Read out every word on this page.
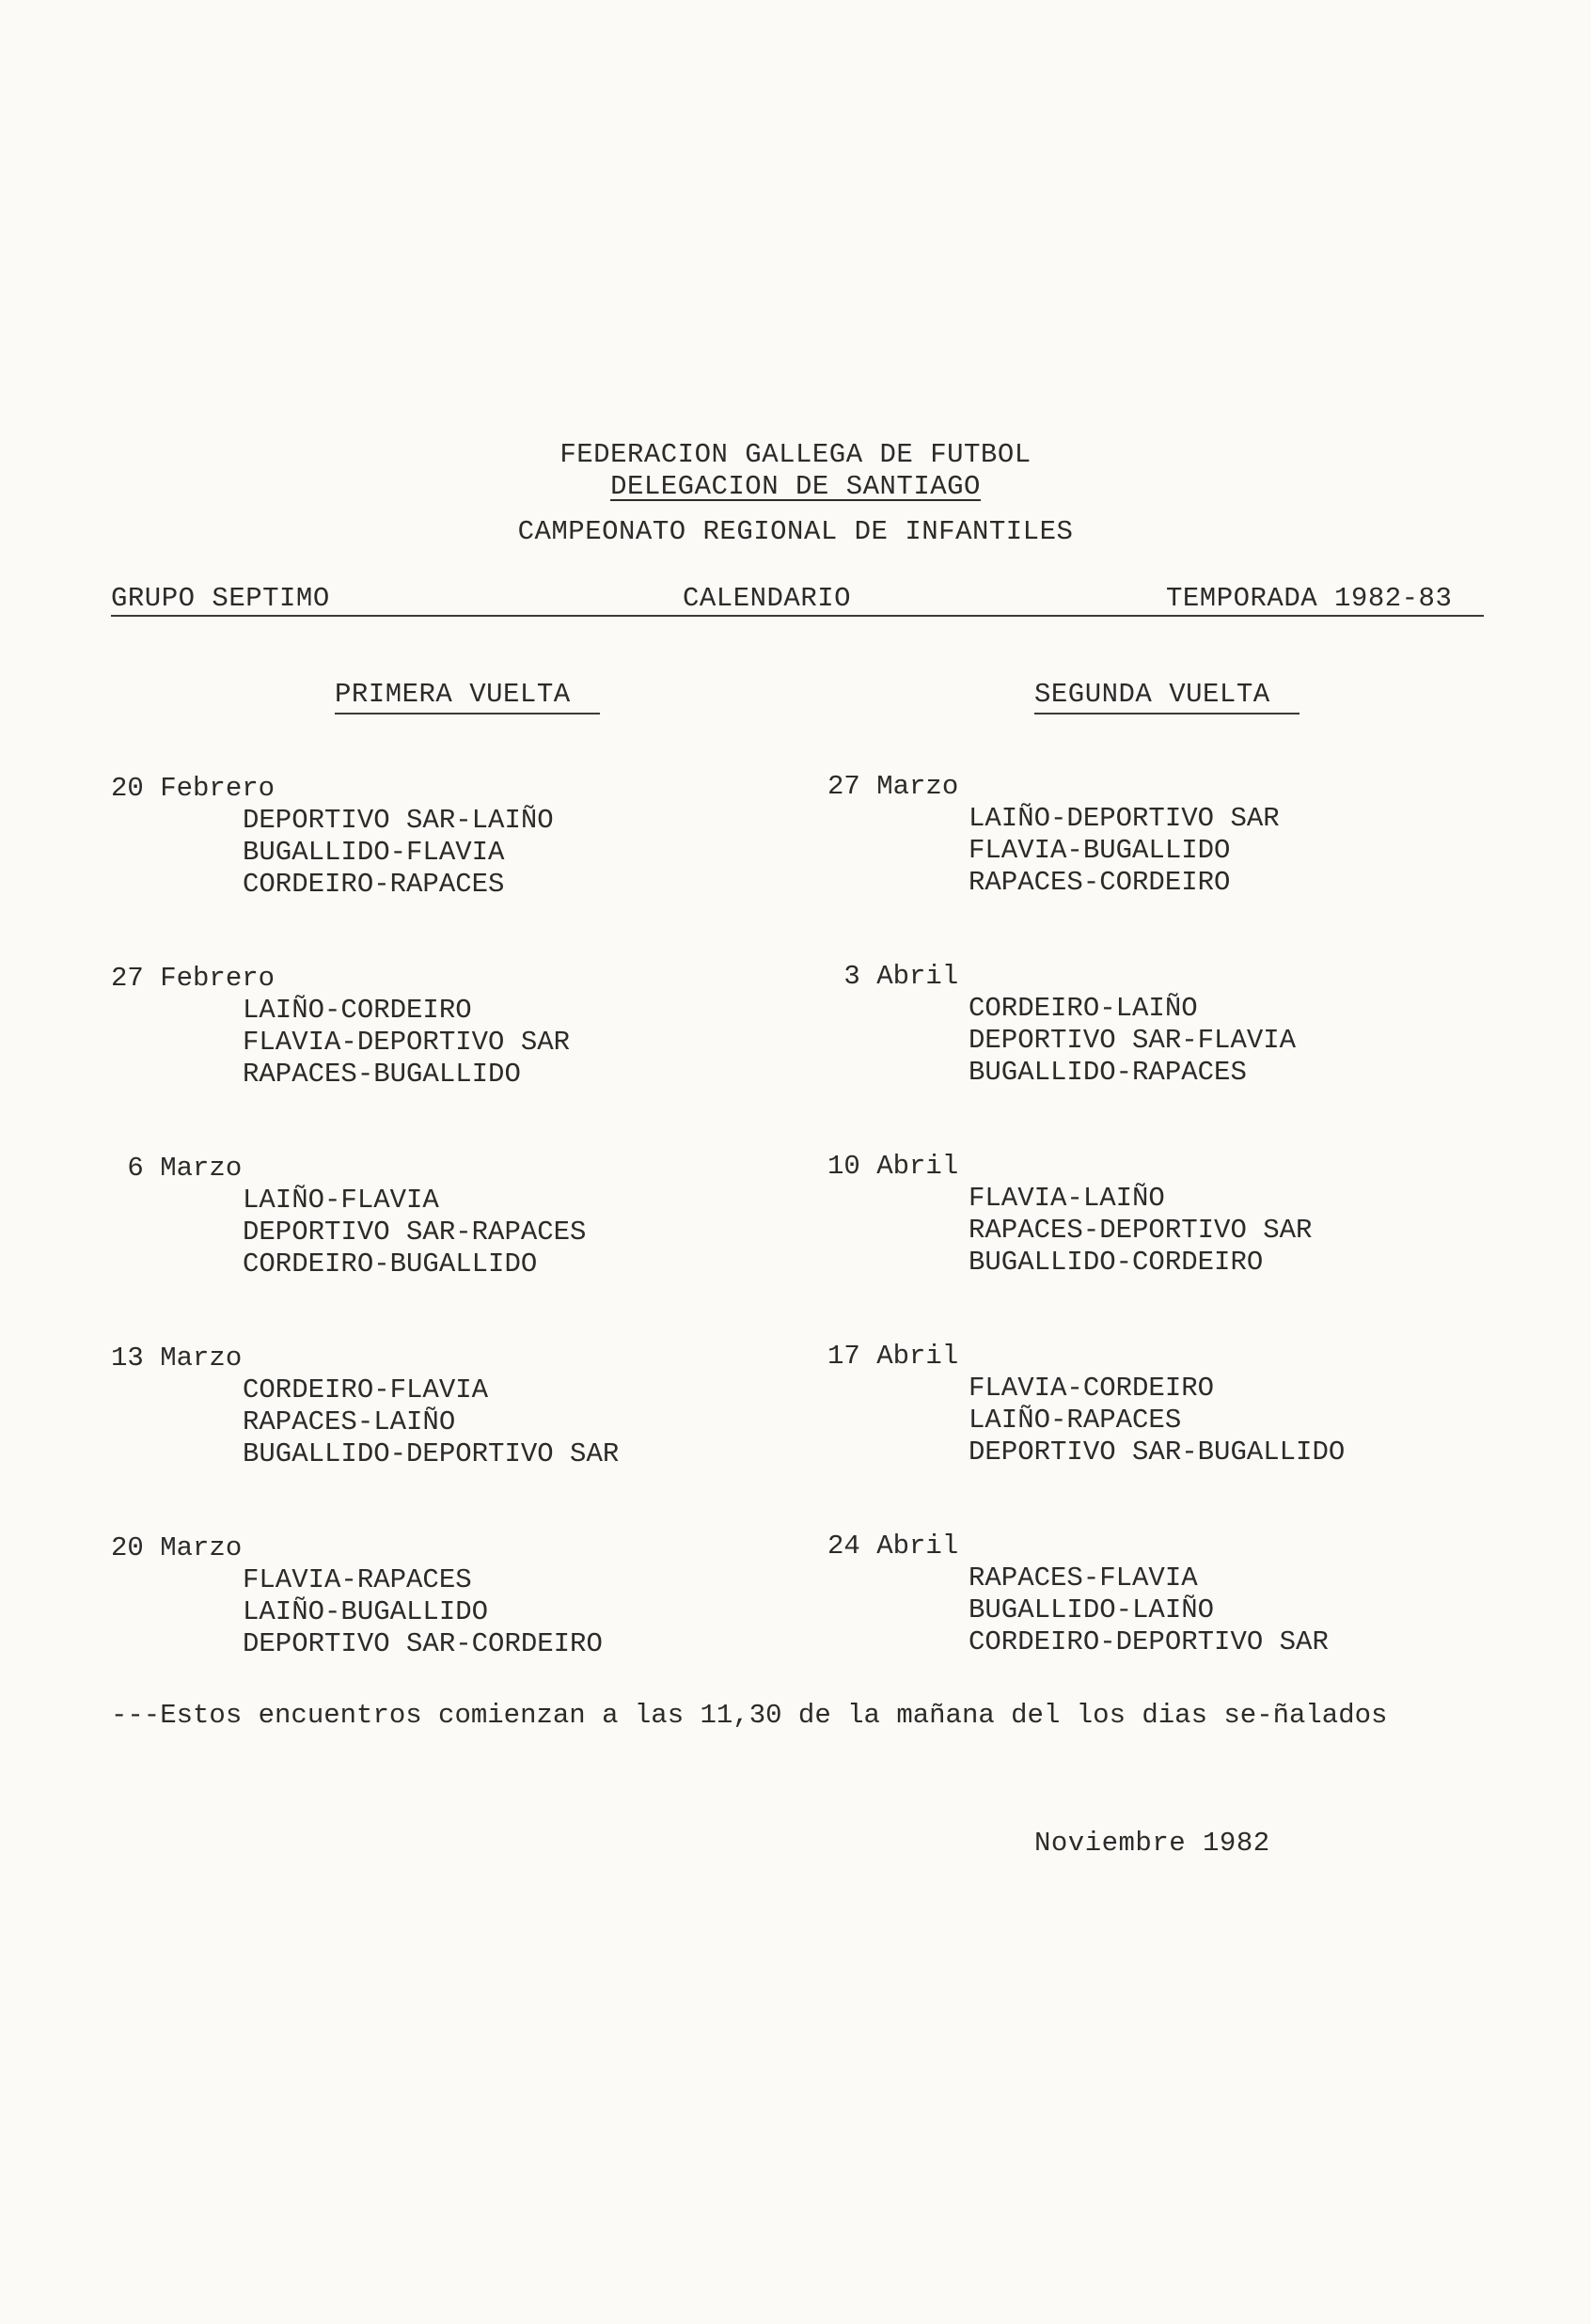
FEDERACION GALLEGA DE FUTBOL
DELEGACION DE SANTIAGO
CAMPEONATO REGIONAL DE INFANTILES
GRUPO SEPTIMO	CALENDARIO	TEMPORADA 1982-83
PRIMERA VUELTA	SEGUNDA VUELTA
20 Febrero
DEPORTIVO SAR-LAIÑO
BUGALLIDO-FLAVIA
CORDEIRO-RAPACES
27 Febrero
LAIÑO-CORDEIRO
FLAVIA-DEPORTIVO SAR
RAPACES-BUGALLIDO
6 Marzo
LAIÑO-FLAVIA
DEPORTIVO SAR-RAPACES
CORDEIRO-BUGALLIDO
13 Marzo
CORDEIRO-FLAVIA
RAPACES-LAIÑO
BUGALLIDO-DEPORTIVO SAR
20 Marzo
FLAVIA-RAPACES
LAIÑO-BUGALLIDO
DEPORTIVO SAR-CORDEIRO
27 Marzo
LAIÑO-DEPORTIVO SAR
FLAVIA-BUGALLIDO
RAPACES-CORDEIRO
3 Abril
CORDEIRO-LAIÑO
DEPORTIVO SAR-FLAVIA
BUGALLIDO-RAPACES
10 Abril
FLAVIA-LAIÑO
RAPACES-DEPORTIVO SAR
BUGALLIDO-CORDEIRO
17 Abril
FLAVIA-CORDEIRO
LAIÑO-RAPACES
DEPORTIVO SAR-BUGALLIDO
24 Abril
RAPACES-FLAVIA
BUGALLIDO-LAIÑO
CORDEIRO-DEPORTIVO SAR
---Estos encuentros comienzan a las 11,30 de la mañana del los dias se-ñalados
Noviembre 1982
